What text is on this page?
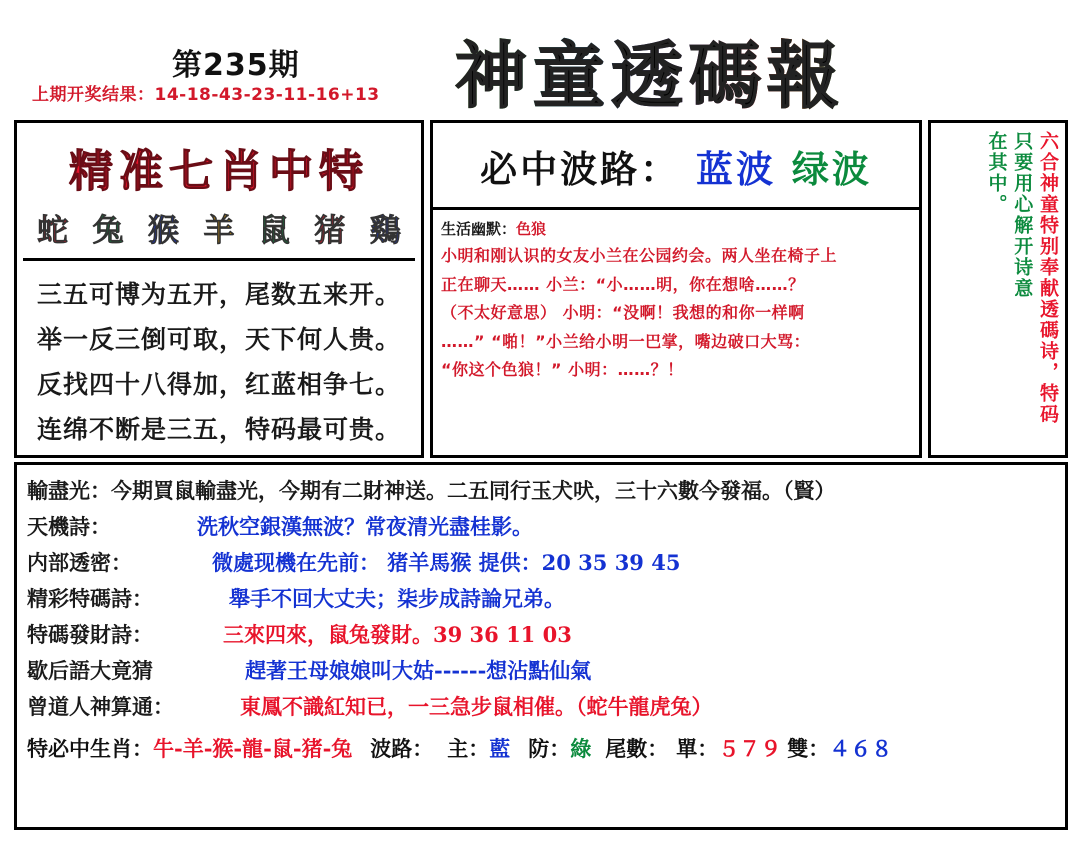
第235期
上期开奖结果：14-18-43-23-11-16+13 神童透碼報
精准七肖中特
蛇 兔 猴 羊 鼠 猪 鷄
三五可博为五开，尾数五来开。
举一反三倒可取，天下何人贵。
反找四十八得加，红蓝相争七。
连绵不断是三五，特码最可贵。
必中波路： 蓝波 绿波
生活幽默：色狼

小明和刚认识的女友小兰在公园约会。两人坐在椅子上

正在聊天…… 小兰：“小……明，你在想啥……？

（不太好意思） 小明：“没啊！我想的和你一样啊

……” “啪！”小兰给小明一巴掌，嘴边破口大骂：

“你这个色狼！” 小明：……？！	六合神童特别奉献透碼诗，特码
只要用心解开诗意
在其中。
輸盡光： 今期買鼠輸盡光，今期有二財神送。二五同行玉犬吠，三十六數今發福。（賢）
天機詩：	洗秋空銀漢無波？常夜清光盡桂影。
内部透密：	微處现機在先前： 猪羊馬猴 提供：20 35 39 45
精彩特碼詩：	舉手不回大丈夫；柒步成詩論兄弟。
特碼發財詩：	三來四來，鼠兔發財。39 36 11 03
歇后語大竟猜	趕著王母娘娘叫大姑------想沾點仙氣
曾道人神算通：	東鳳不識紅知已，一三急步鼠相催。（蛇牛龍虎兔）
特必中生肖： 牛-羊-猴-龍-鼠-猪-兔 波路： 主： 藍 防： 綠 尾數： 單： ５７９ 雙： ４６８
